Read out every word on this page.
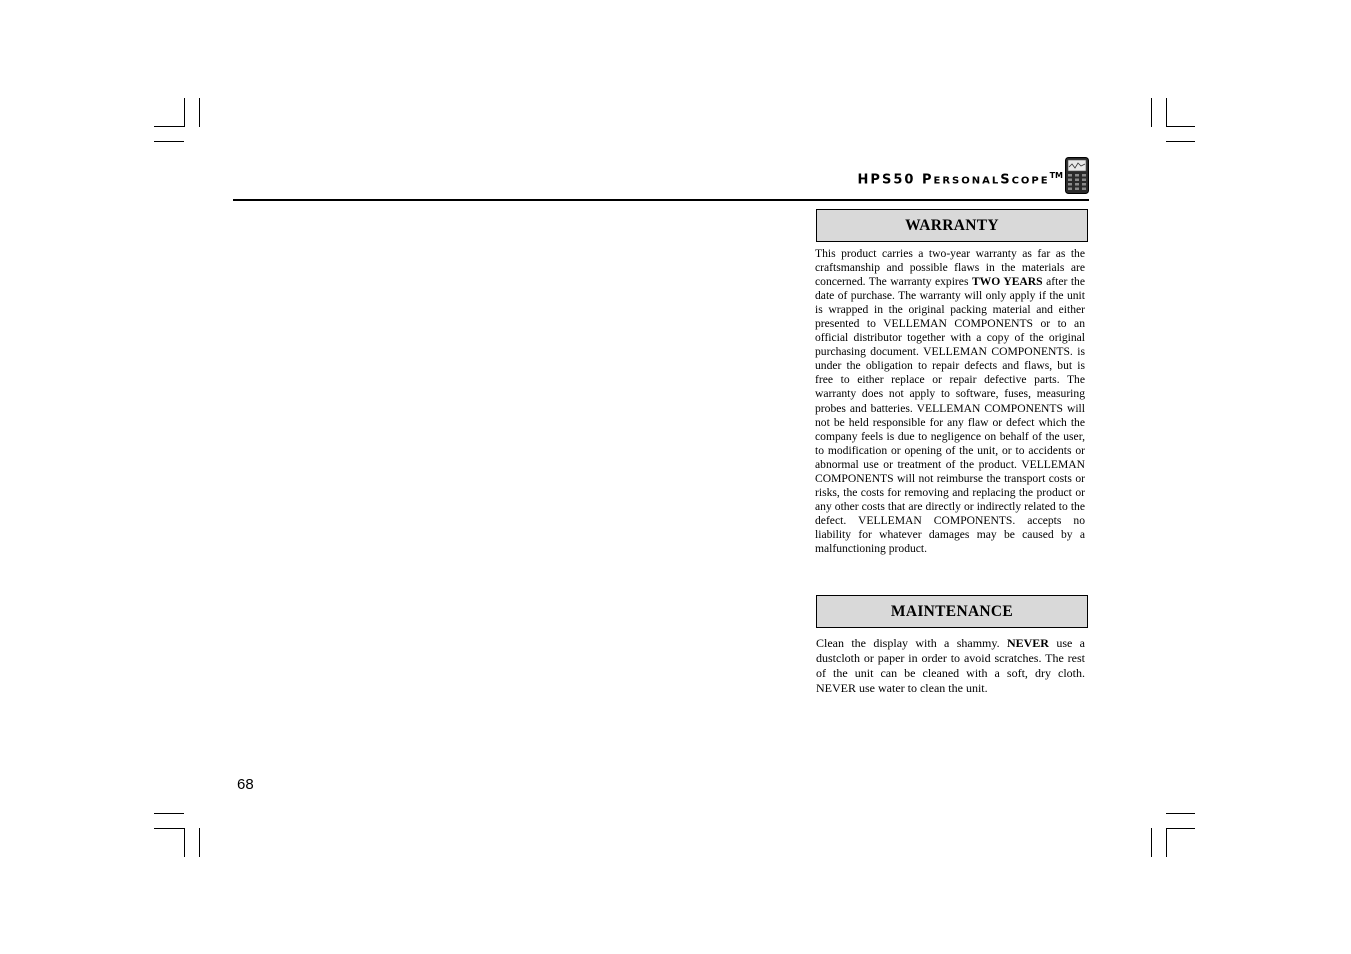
HPS50 PERSONALSCOPE™
WARRANTY
This product carries a two-year warranty as far as the craftsmanship and possible flaws in the materials are concerned. The warranty expires TWO YEARS after the date of purchase. The warranty will only apply if the unit is wrapped in the original packing material and either presented to VELLEMAN COMPONENTS or to an official distributor together with a copy of the original purchasing document. VELLEMAN COMPONENTS. is under the obligation to repair defects and flaws, but is free to either replace or repair defective parts. The warranty does not apply to software, fuses, measuring probes and batteries. VELLEMAN COMPONENTS will not be held responsible for any flaw or defect which the company feels is due to negligence on behalf of the user, to modification or opening of the unit, or to accidents or abnormal use or treatment of the product. VELLEMAN COMPONENTS will not reimburse the transport costs or risks, the costs for removing and replacing the product or any other costs that are directly or indirectly related to the defect. VELLEMAN COMPONENTS. accepts no liability for whatever damages may be caused by a malfunctioning product.
MAINTENANCE
Clean the display with a shammy. NEVER use a dustcloth or paper in order to avoid scratches. The rest of the unit can be cleaned with a soft, dry cloth. NEVER use water to clean the unit.
68
